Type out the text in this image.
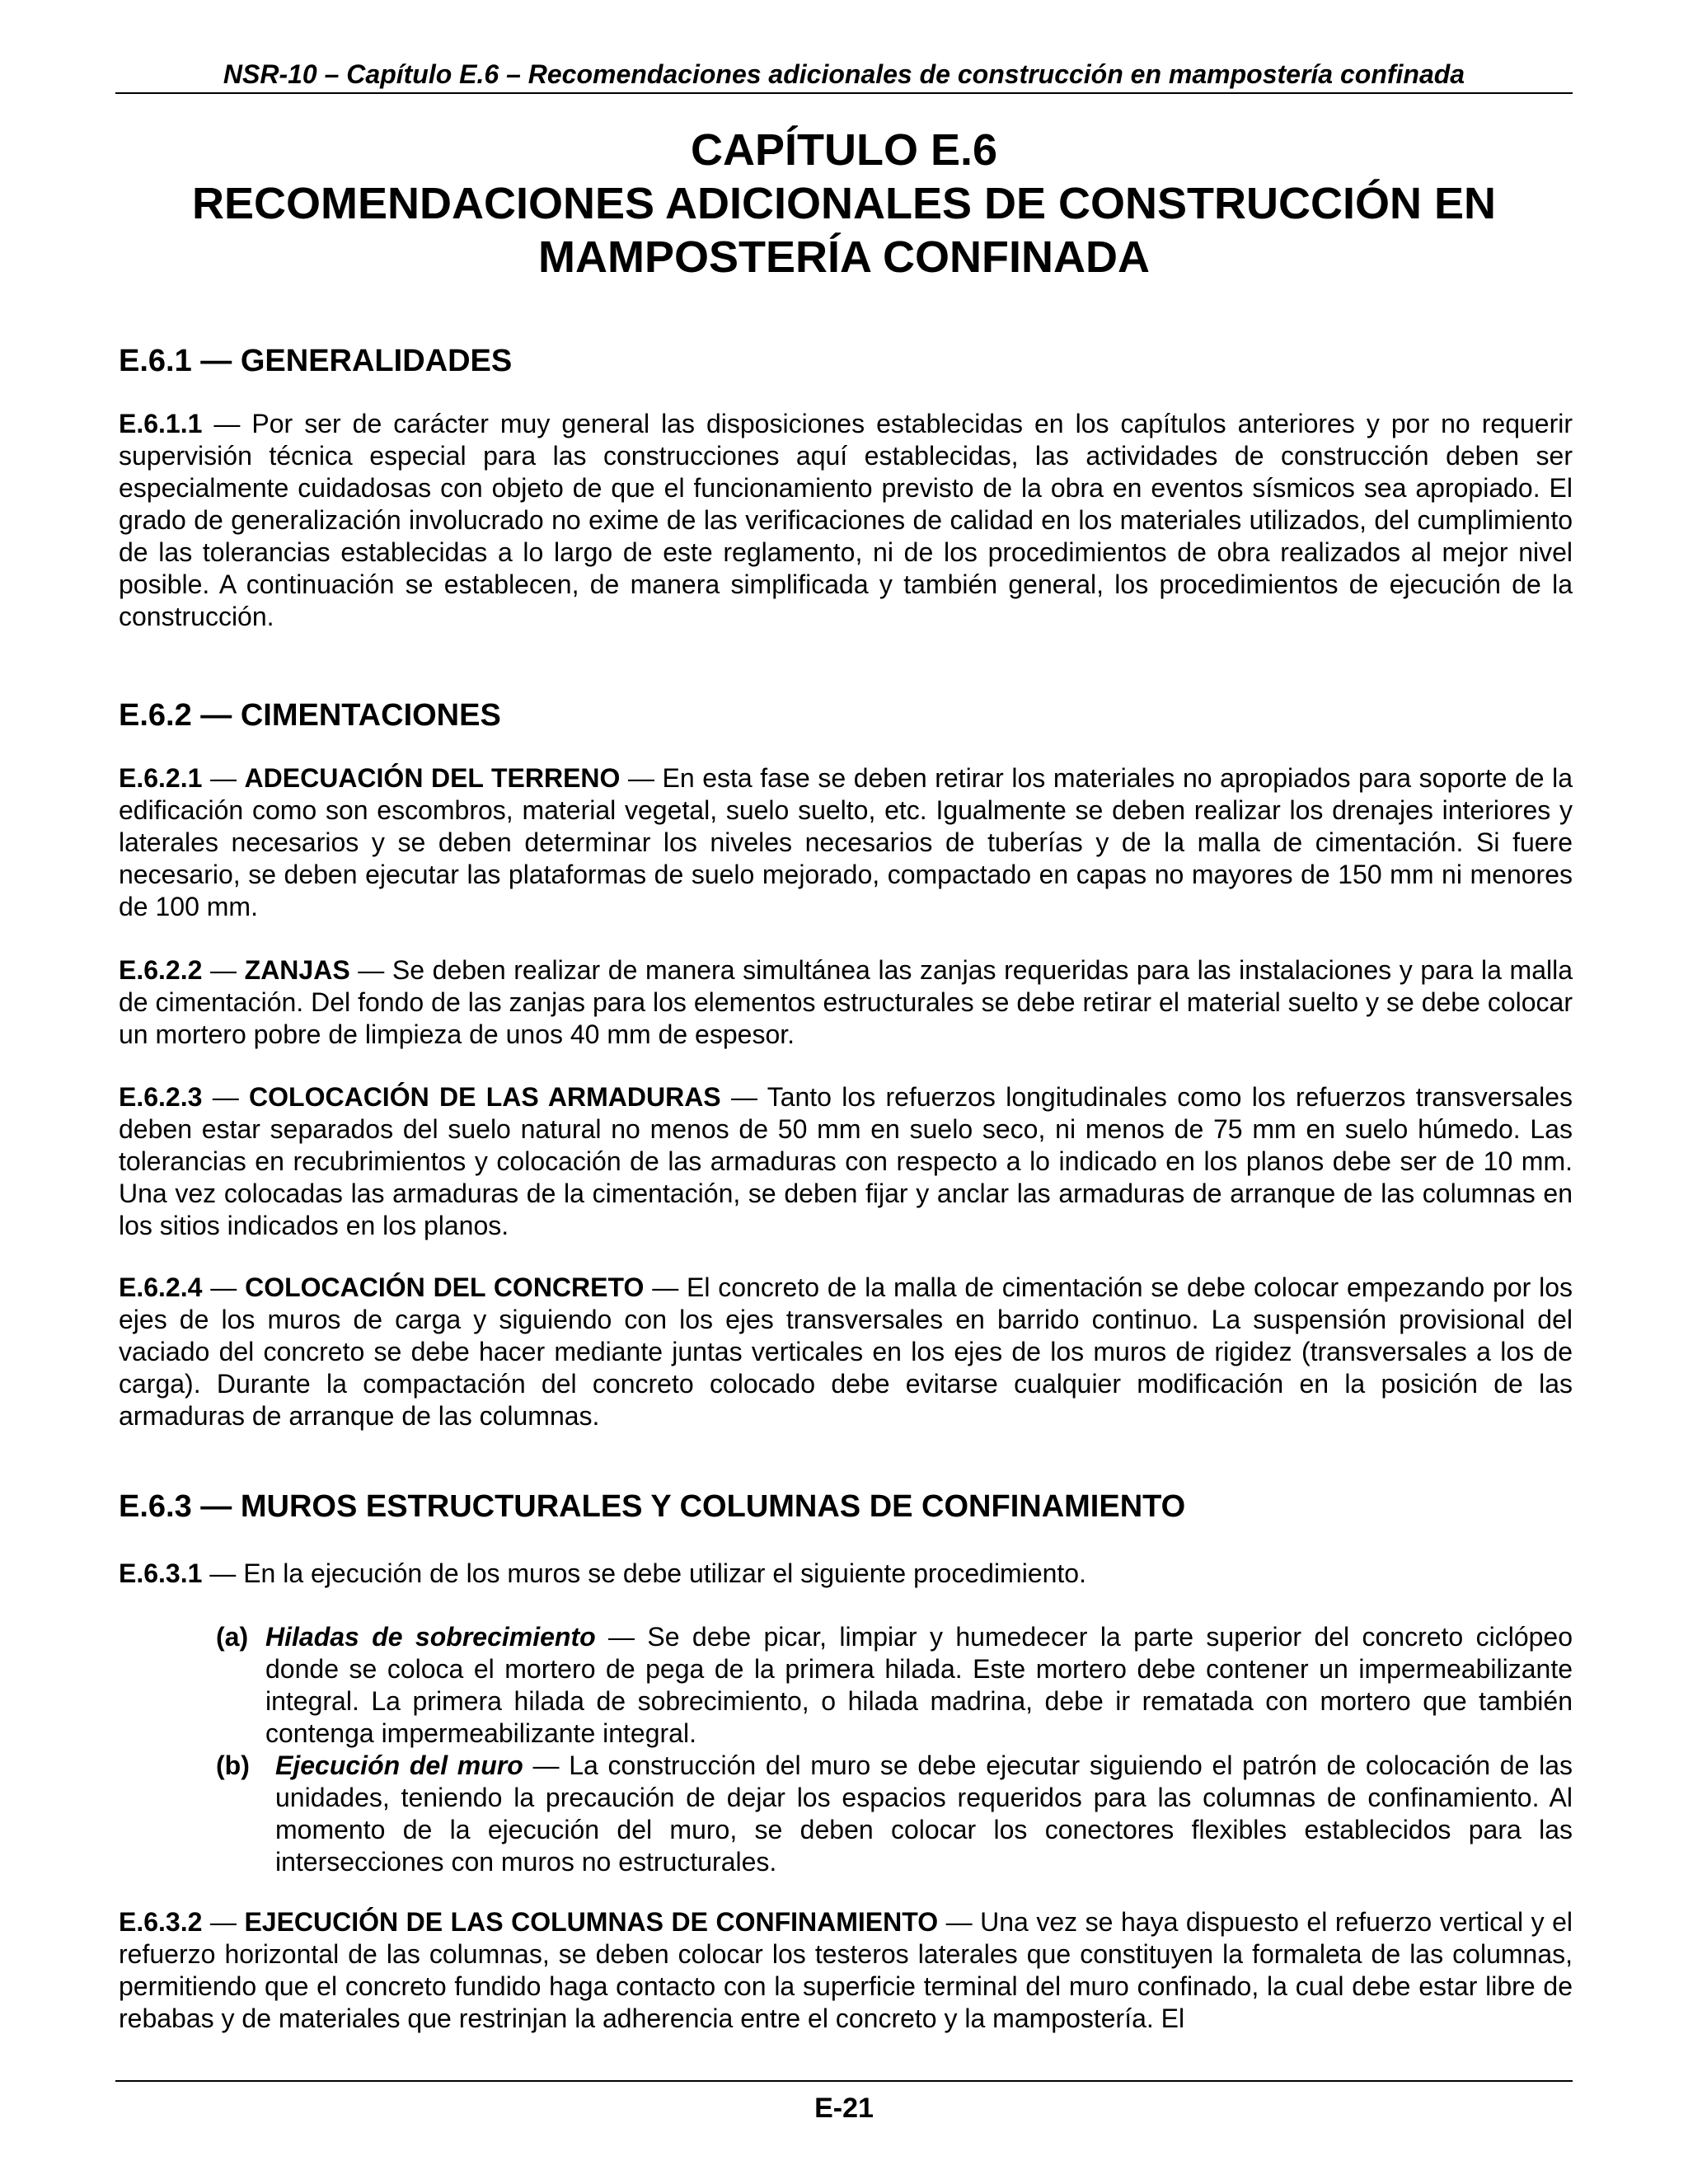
NSR-10 – Capítulo E.6 – Recomendaciones adicionales de construcción en mampostería confinada
CAPÍTULO E.6
RECOMENDACIONES ADICIONALES DE CONSTRUCCIÓN EN
MAMPOSTERÍA CONFINADA
E.6.1 — GENERALIDADES
E.6.1.1 — Por ser de carácter muy general las disposiciones establecidas en los capítulos anteriores y por no requerir supervisión técnica especial para las construcciones aquí establecidas, las actividades de construcción deben ser especialmente cuidadosas con objeto de que el funcionamiento previsto de la obra en eventos sísmicos sea apropiado. El grado de generalización involucrado no exime de las verificaciones de calidad en los materiales utilizados, del cumplimiento de las tolerancias establecidas a lo largo de este reglamento, ni de los procedimientos de obra realizados al mejor nivel posible. A continuación se establecen, de manera simplificada y también general, los procedimientos de ejecución de la construcción.
E.6.2 — CIMENTACIONES
E.6.2.1 — ADECUACIÓN DEL TERRENO — En esta fase se deben retirar los materiales no apropiados para soporte de la edificación como son escombros, material vegetal, suelo suelto, etc. Igualmente se deben realizar los drenajes interiores y laterales necesarios y se deben determinar los niveles necesarios de tuberías y de la malla de cimentación. Si fuere necesario, se deben ejecutar las plataformas de suelo mejorado, compactado en capas no mayores de 150 mm ni menores de 100 mm.
E.6.2.2 — ZANJAS — Se deben realizar de manera simultánea las zanjas requeridas para las instalaciones y para la malla de cimentación. Del fondo de las zanjas para los elementos estructurales se debe retirar el material suelto y se debe colocar un mortero pobre de limpieza de unos 40 mm de espesor.
E.6.2.3 — COLOCACIÓN DE LAS ARMADURAS — Tanto los refuerzos longitudinales como los refuerzos transversales deben estar separados del suelo natural no menos de 50 mm en suelo seco, ni menos de 75 mm en suelo húmedo. Las tolerancias en recubrimientos y colocación de las armaduras con respecto a lo indicado en los planos debe ser de 10 mm. Una vez colocadas las armaduras de la cimentación, se deben fijar y anclar las armaduras de arranque de las columnas en los sitios indicados en los planos.
E.6.2.4 — COLOCACIÓN DEL CONCRETO — El concreto de la malla de cimentación se debe colocar empezando por los ejes de los muros de carga y siguiendo con los ejes transversales en barrido continuo. La suspensión provisional del vaciado del concreto se debe hacer mediante juntas verticales en los ejes de los muros de rigidez (transversales a los de carga). Durante la compactación del concreto colocado debe evitarse cualquier modificación en la posición de las armaduras de arranque de las columnas.
E.6.3 — MUROS ESTRUCTURALES Y COLUMNAS DE CONFINAMIENTO
E.6.3.1 — En la ejecución de los muros se debe utilizar el siguiente procedimiento.
(a) Hiladas de sobrecimiento — Se debe picar, limpiar y humedecer la parte superior del concreto ciclópeo donde se coloca el mortero de pega de la primera hilada. Este mortero debe contener un impermeabilizante integral. La primera hilada de sobrecimiento, o hilada madrina, debe ir rematada con mortero que también contenga impermeabilizante integral.
(b) Ejecución del muro — La construcción del muro se debe ejecutar siguiendo el patrón de colocación de las unidades, teniendo la precaución de dejar los espacios requeridos para las columnas de confinamiento. Al momento de la ejecución del muro, se deben colocar los conectores flexibles establecidos para las intersecciones con muros no estructurales.
E.6.3.2 — EJECUCIÓN DE LAS COLUMNAS DE CONFINAMIENTO — Una vez se haya dispuesto el refuerzo vertical y el refuerzo horizontal de las columnas, se deben colocar los testeros laterales que constituyen la formaleta de las columnas, permitiendo que el concreto fundido haga contacto con la superficie terminal del muro confinado, la cual debe estar libre de rebabas y de materiales que restrinjan la adherencia entre el concreto y la mampostería. El
E-21
